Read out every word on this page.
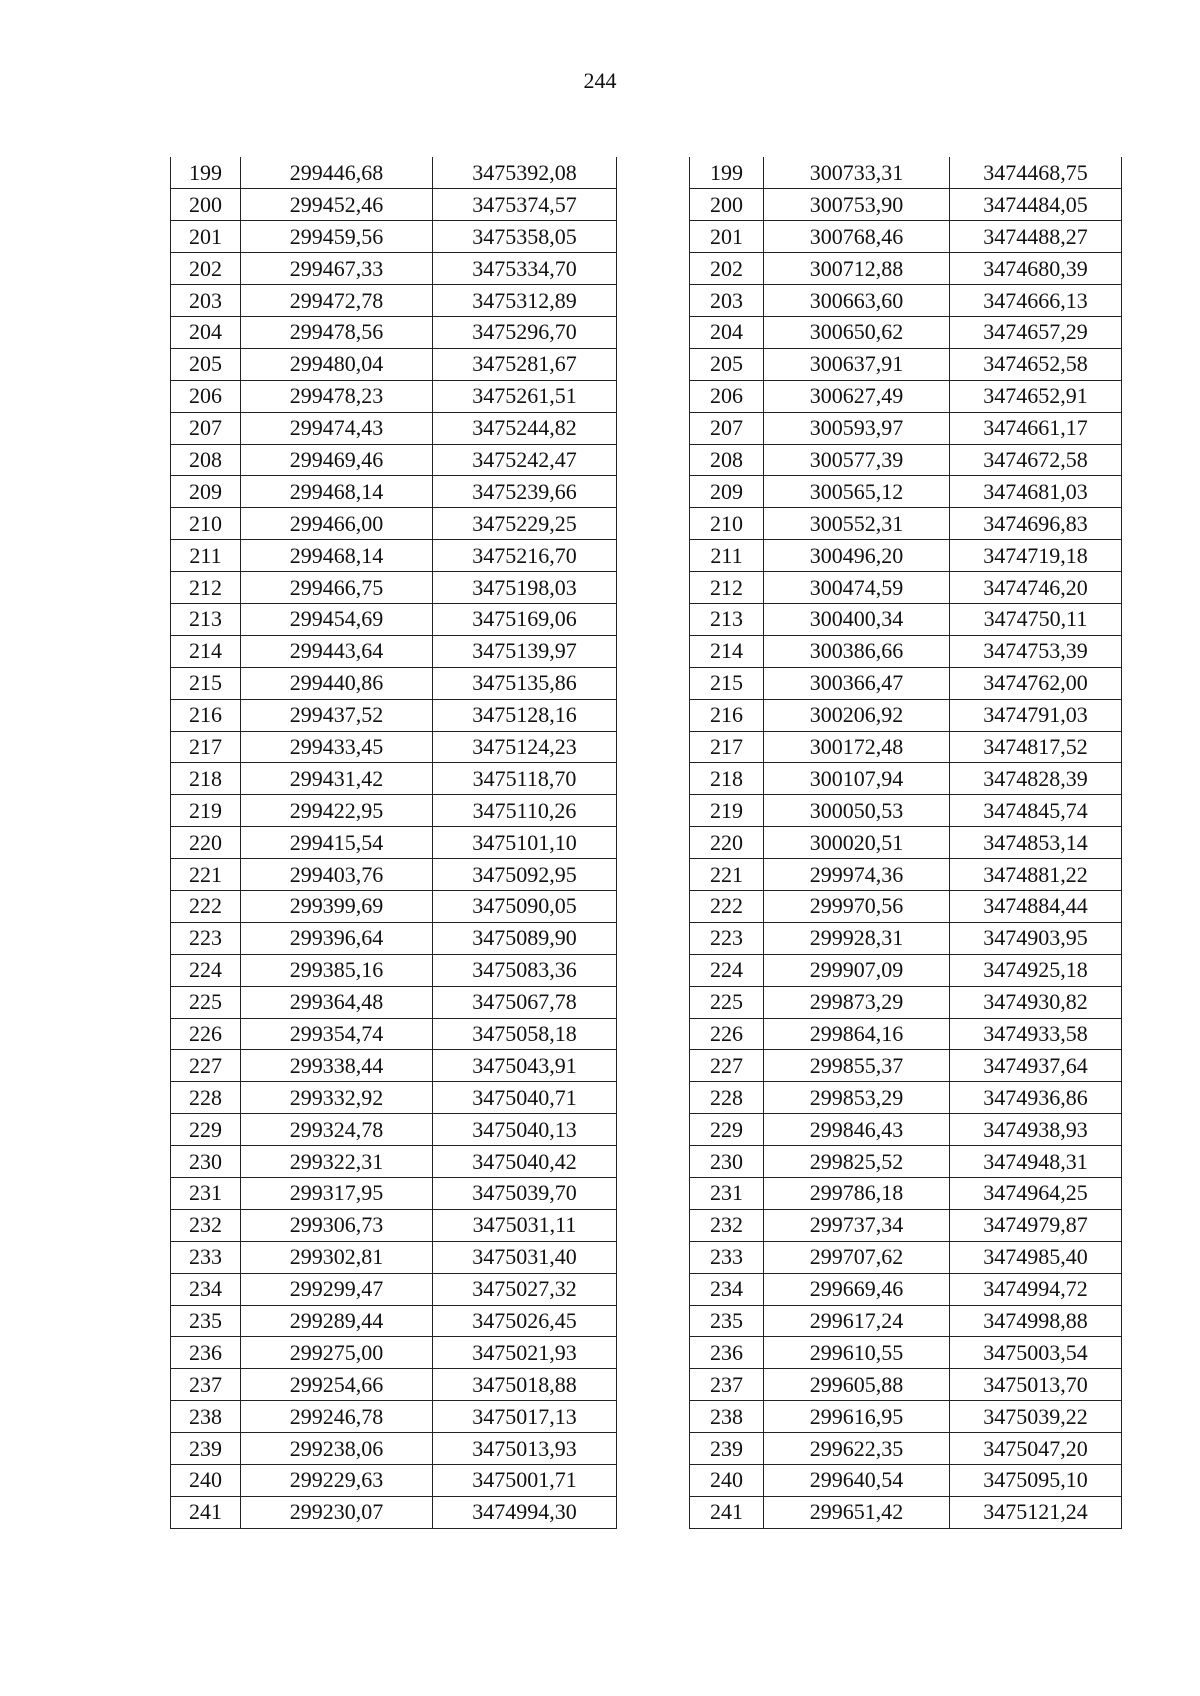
244
199	299446,68	3475392,08
200	299452,46	3475374,57
201	299459,56	3475358,05
202	299467,33	3475334,70
203	299472,78	3475312,89
204	299478,56	3475296,70
205	299480,04	3475281,67
206	299478,23	3475261,51
207	299474,43	3475244,82
208	299469,46	3475242,47
209	299468,14	3475239,66
210	299466,00	3475229,25
211	299468,14	3475216,70
212	299466,75	3475198,03
213	299454,69	3475169,06
214	299443,64	3475139,97
215	299440,86	3475135,86
216	299437,52	3475128,16
217	299433,45	3475124,23
218	299431,42	3475118,70
219	299422,95	3475110,26
220	299415,54	3475101,10
221	299403,76	3475092,95
222	299399,69	3475090,05
223	299396,64	3475089,90
224	299385,16	3475083,36
225	299364,48	3475067,78
226	299354,74	3475058,18
227	299338,44	3475043,91
228	299332,92	3475040,71
229	299324,78	3475040,13
230	299322,31	3475040,42
231	299317,95	3475039,70
232	299306,73	3475031,11
233	299302,81	3475031,40
234	299299,47	3475027,32
235	299289,44	3475026,45
236	299275,00	3475021,93
237	299254,66	3475018,88
238	299246,78	3475017,13
239	299238,06	3475013,93
240	299229,63	3475001,71
241	299230,07	3474994,30
199	300733,31	3474468,75
200	300753,90	3474484,05
201	300768,46	3474488,27
202	300712,88	3474680,39
203	300663,60	3474666,13
204	300650,62	3474657,29
205	300637,91	3474652,58
206	300627,49	3474652,91
207	300593,97	3474661,17
208	300577,39	3474672,58
209	300565,12	3474681,03
210	300552,31	3474696,83
211	300496,20	3474719,18
212	300474,59	3474746,20
213	300400,34	3474750,11
214	300386,66	3474753,39
215	300366,47	3474762,00
216	300206,92	3474791,03
217	300172,48	3474817,52
218	300107,94	3474828,39
219	300050,53	3474845,74
220	300020,51	3474853,14
221	299974,36	3474881,22
222	299970,56	3474884,44
223	299928,31	3474903,95
224	299907,09	3474925,18
225	299873,29	3474930,82
226	299864,16	3474933,58
227	299855,37	3474937,64
228	299853,29	3474936,86
229	299846,43	3474938,93
230	299825,52	3474948,31
231	299786,18	3474964,25
232	299737,34	3474979,87
233	299707,62	3474985,40
234	299669,46	3474994,72
235	299617,24	3474998,88
236	299610,55	3475003,54
237	299605,88	3475013,70
238	299616,95	3475039,22
239	299622,35	3475047,20
240	299640,54	3475095,10
241	299651,42	3475121,24
